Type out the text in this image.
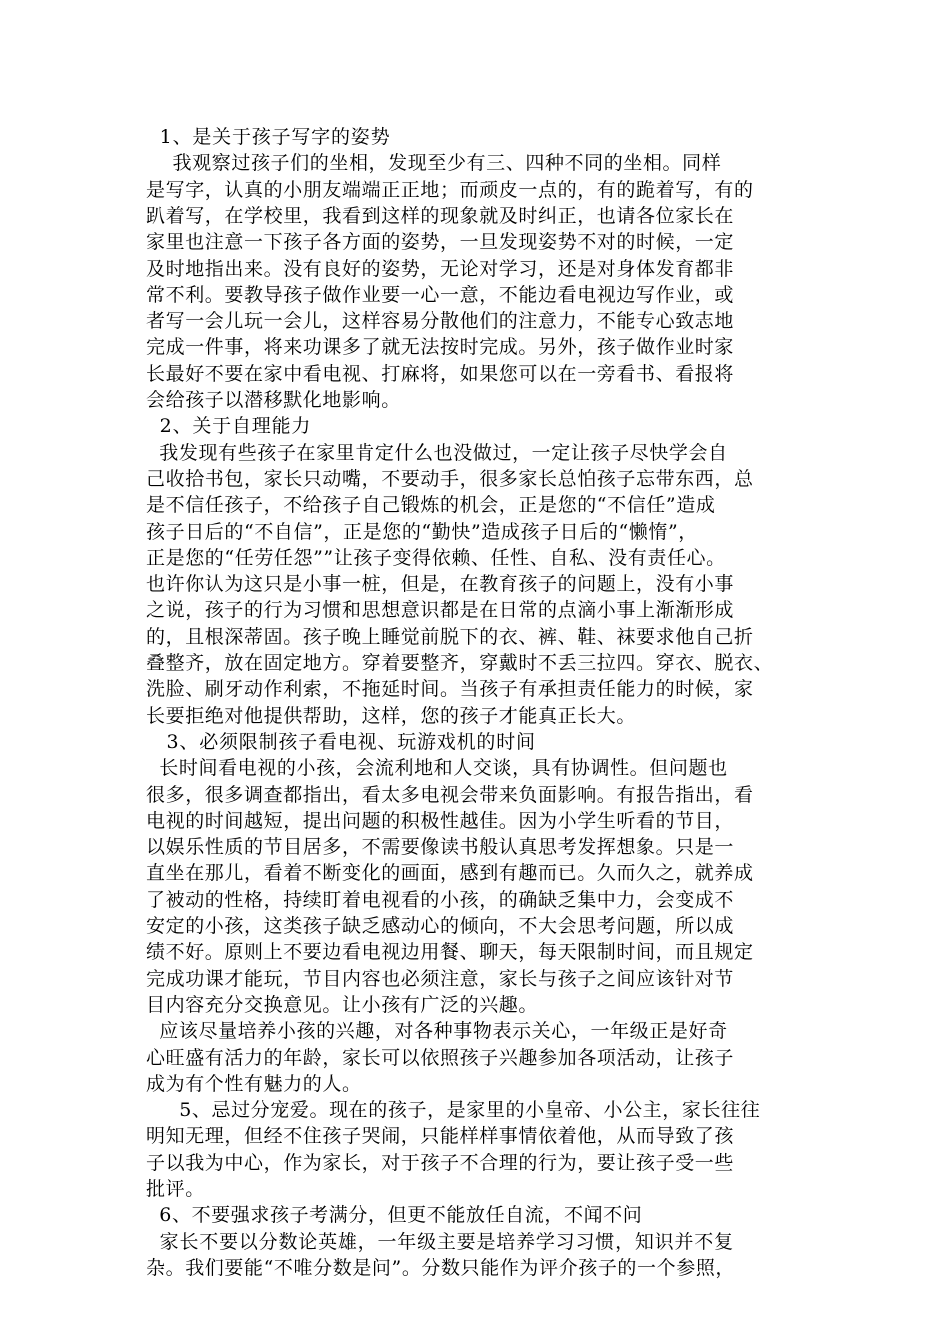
1、是关于孩子写字的姿势
我观察过孩子们的坐相，发现至少有三、四种不同的坐相。同样
是写字，认真的小朋友端端正正地；而顽皮一点的，有的跪着写，有的
趴着写，在学校里，我看到这样的现象就及时纠正，也请各位家长在
家里也注意一下孩子各方面的姿势，一旦发现姿势不对的时候，一定
及时地指出来。没有良好的姿势，无论对学习，还是对身体发育都非
常不利。要教导孩子做作业要一心一意，不能边看电视边写作业，或
者写一会儿玩一会儿，这样容易分散他们的注意力，不能专心致志地
完成一件事，将来功课多了就无法按时完成。另外，孩子做作业时家
长最好不要在家中看电视、打麻将，如果您可以在一旁看书、看报将
会给孩子以潜移默化地影响。
2、关于自理能力
我发现有些孩子在家里肯定什么也没做过，一定让孩子尽快学会自
己收拾书包，家长只动嘴，不要动手，很多家长总怕孩子忘带东西，总
是不信任孩子，不给孩子自己锻炼的机会，正是您的“不信任”造成
孩子日后的“不自信”，正是您的“勤快”造成孩子日后的“懒惰”，
正是您的“任劳任怨””让孩子变得依赖、任性、自私、没有责任心。
也许你认为这只是小事一桩，但是，在教育孩子的问题上，没有小事
之说，孩子的行为习惯和思想意识都是在日常的点滴小事上渐渐形成
的，且根深蒂固。孩子晚上睡觉前脱下的衣、裤、鞋、袜要求他自己折
叠整齐，放在固定地方。穿着要整齐，穿戴时不丢三拉四。穿衣、脱衣、
洗脸、刷牙动作利索，不拖延时间。当孩子有承担责任能力的时候，家
长要拒绝对他提供帮助，这样，您的孩子才能真正长大。
3、必须限制孩子看电视、玩游戏机的时间
长时间看电视的小孩，会流利地和人交谈，具有协调性。但问题也
很多，很多调查都指出，看太多电视会带来负面影响。有报告指出，看
电视的时间越短，提出问题的积极性越佳。因为小学生听看的节目，
以娱乐性质的节目居多，不需要像读书般认真思考发挥想象。只是一
直坐在那儿，看着不断变化的画面，感到有趣而已。久而久之，就养成
了被动的性格，持续盯着电视看的小孩，的确缺乏集中力，会变成不
安定的小孩，这类孩子缺乏感动心的倾向，不大会思考问题，所以成
绩不好。原则上不要边看电视边用餐、聊天，每天限制时间，而且规定
完成功课才能玩，节目内容也必须注意，家长与孩子之间应该针对节
目内容充分交换意见。让小孩有广泛的兴趣。
应该尽量培养小孩的兴趣，对各种事物表示关心，一年级正是好奇
心旺盛有活力的年龄，家长可以依照孩子兴趣参加各项活动，让孩子
成为有个性有魅力的人。
5、忌过分宠爱。现在的孩子，是家里的小皇帝、小公主，家长往往
明知无理，但经不住孩子哭闹，只能样样事情依着他，从而导致了孩
子以我为中心，作为家长，对于孩子不合理的行为，要让孩子受一些
批评。
6、不要强求孩子考满分，但更不能放任自流，不闻不问
家长不要以分数论英雄，一年级主要是培养学习习惯，知识并不复
杂。我们要能“不唯分数是问”。分数只能作为评介孩子的一个参照，
